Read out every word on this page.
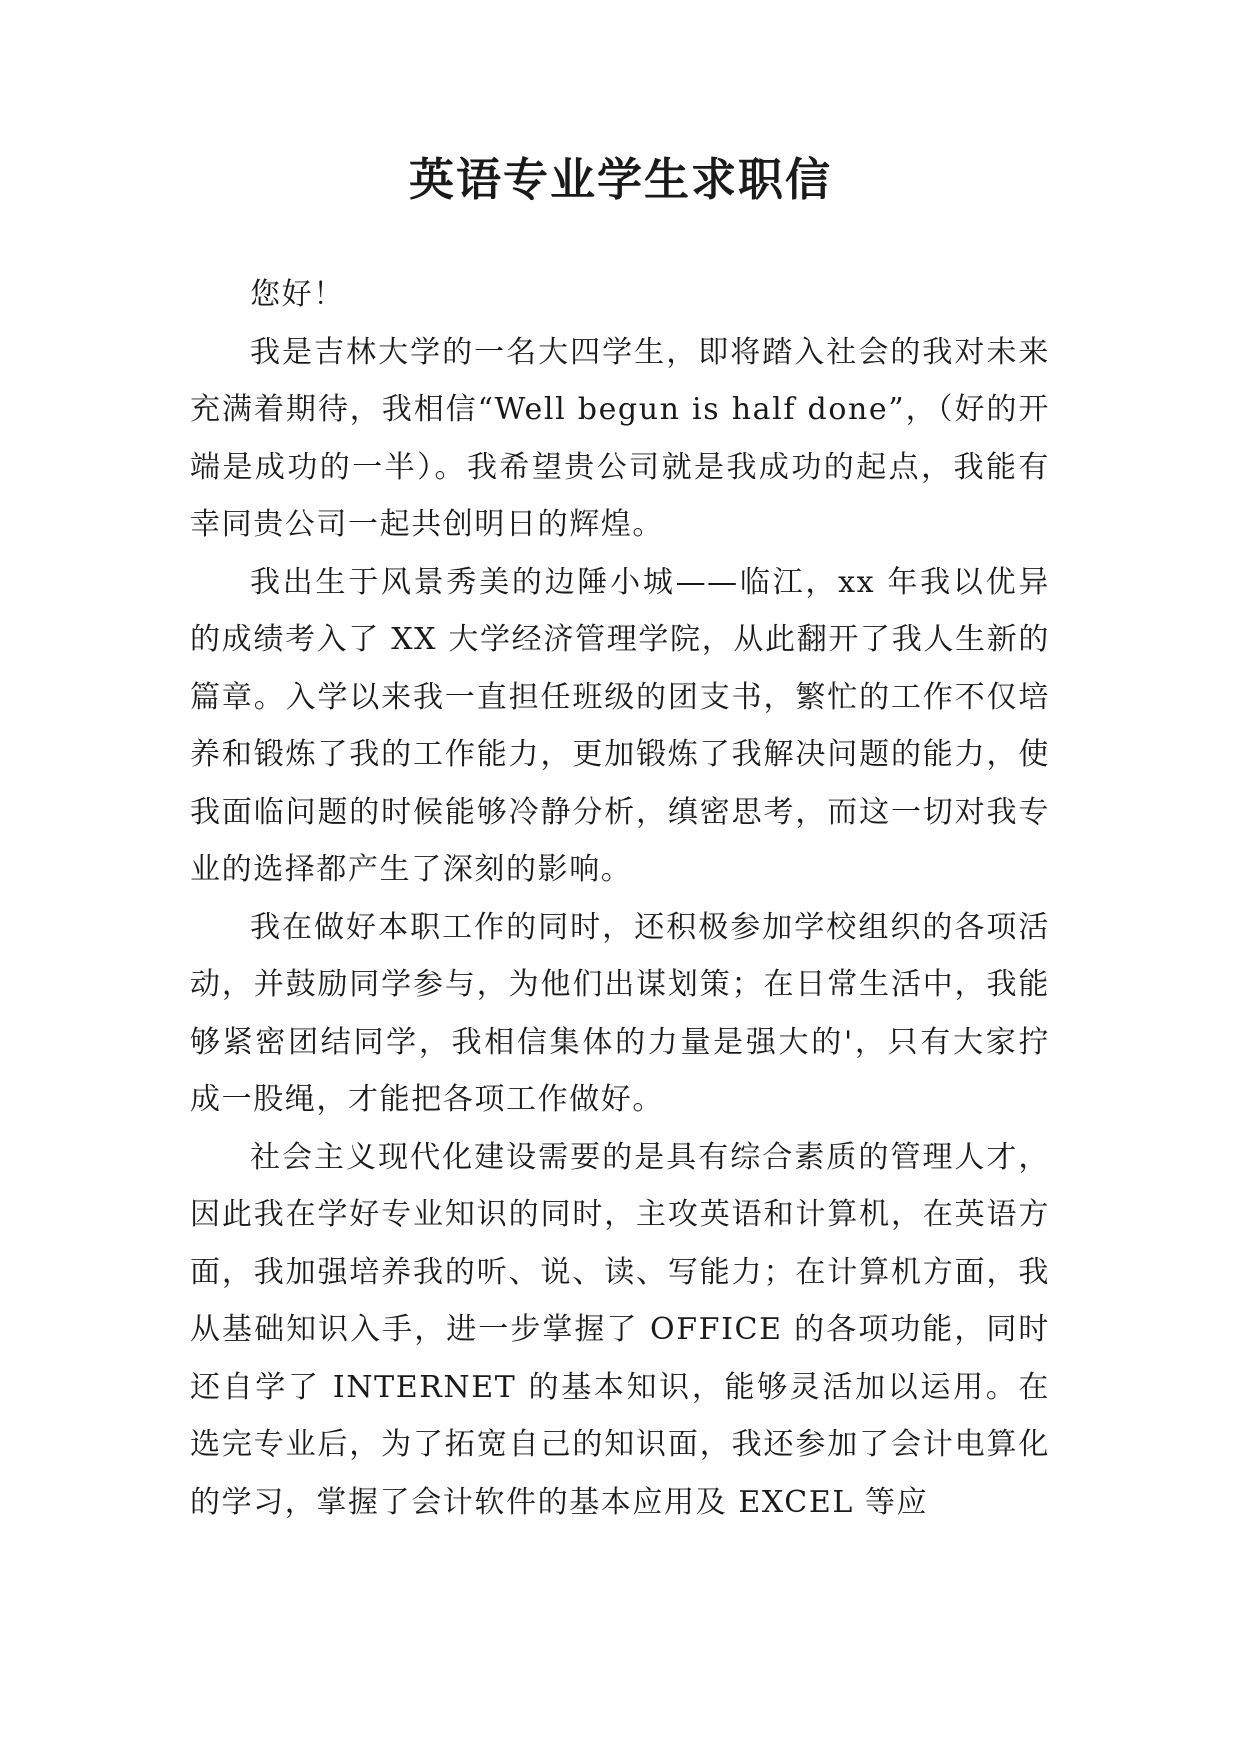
英语专业学生求职信

您好！

我是吉林大学的一名大四学生，即将踏入社会的我对未来充满着期待，我相信“Well begun is half done”，（好的开端是成功的一半）。我希望贵公司就是我成功的起点，我能有幸同贵公司一起共创明日的辉煌。

我出生于风景秀美的边陲小城——临江，xx 年我以优异的成绩考入了 XX 大学经济管理学院，从此翻开了我人生新的篇章。入学以来我一直担任班级的团支书，繁忙的工作不仅培养和锻炼了我的工作能力，更加锻炼了我解决问题的能力，使我面临问题的时候能够冷静分析，缜密思考，而这一切对我专业的选择都产生了深刻的影响。

我在做好本职工作的同时，还积极参加学校组织的各项活动，并鼓励同学参与，为他们出谋划策；在日常生活中，我能够紧密团结同学，我相信集体的力量是强大的'，只有大家拧成一股绳，才能把各项工作做好。

社会主义现代化建设需要的是具有综合素质的管理人才，因此我在学好专业知识的同时，主攻英语和计算机，在英语方面，我加强培养我的听、说、读、写能力；在计算机方面，我从基础知识入手，进一步掌握了 OFFICE 的各项功能，同时还自学了 INTERNET 的基本知识，能够灵活加以运用。在选完专业后，为了拓宽自己的知识面，我还参加了会计电算化的学习，掌握了会计软件的基本应用及 EXCEL 等应
